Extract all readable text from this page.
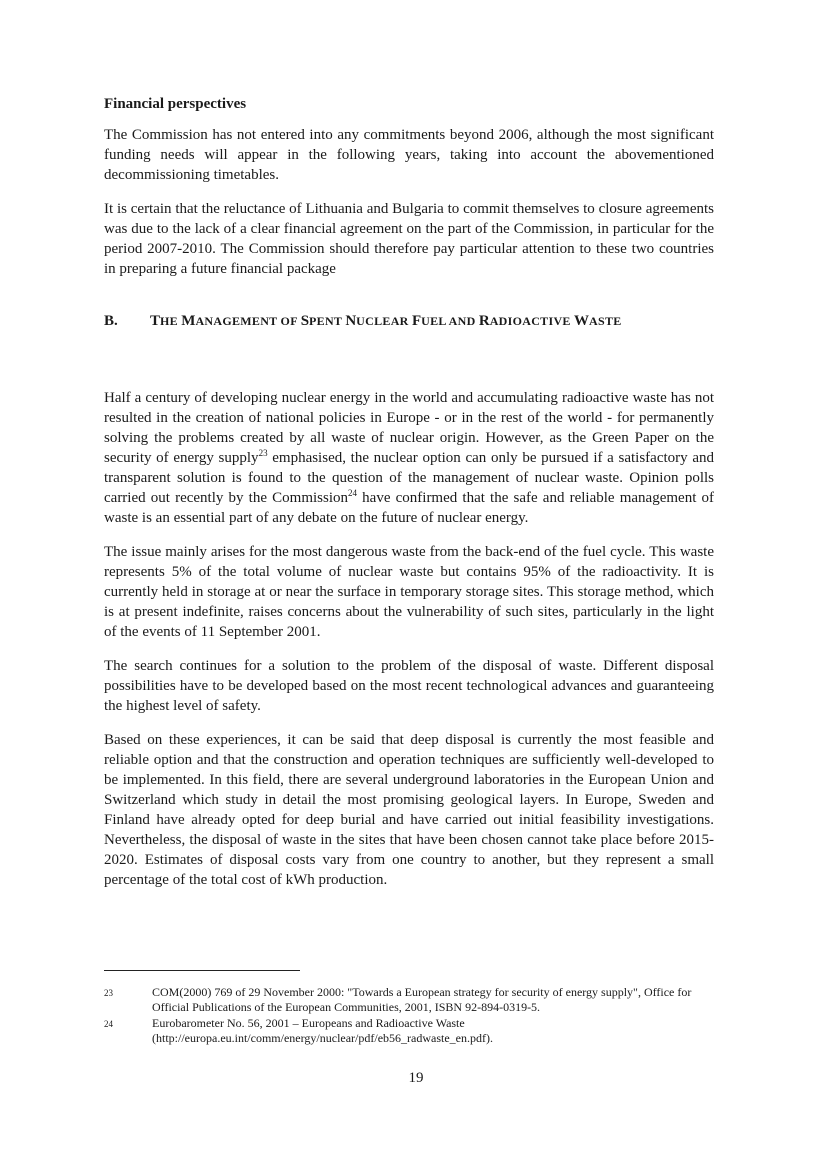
Financial perspectives

The Commission has not entered into any commitments beyond 2006, although the most significant funding needs will appear in the following years, taking into account the abovementioned decommissioning timetables.

It is certain that the reluctance of Lithuania and Bulgaria to commit themselves to closure agreements was due to the lack of a clear financial agreement on the part of the Commission, in particular for the period 2007-2010. The Commission should therefore pay particular attention to these two countries in preparing a future financial package

B.	THE MANAGEMENT OF SPENT NUCLEAR FUEL AND RADIOACTIVE WASTE

Half a century of developing nuclear energy in the world and accumulating radioactive waste has not resulted in the creation of national policies in Europe - or in the rest of the world - for permanently solving the problems created by all waste of nuclear origin. However, as the Green Paper on the security of energy supply$^{23}$ emphasised, the nuclear option can only be pursued if a satisfactory and transparent solution is found to the question of the management of nuclear waste. Opinion polls carried out recently by the Commission$^{24}$ have confirmed that the safe and reliable management of waste is an essential part of any debate on the future of nuclear energy.

The issue mainly arises for the most dangerous waste from the back-end of the fuel cycle. This waste represents 5% of the total volume of nuclear waste but contains 95% of the radioactivity. It is currently held in storage at or near the surface in temporary storage sites. This storage method, which is at present indefinite, raises concerns about the vulnerability of such sites, particularly in the light of the events of 11 September 2001.

The search continues for a solution to the problem of the disposal of waste. Different disposal possibilities have to be developed based on the most recent technological advances and guaranteeing the highest level of safety.

Based on these experiences, it can be said that deep disposal is currently the most feasible and reliable option and that the construction and operation techniques are sufficiently well-developed to be implemented. In this field, there are several underground laboratories in the European Union and Switzerland which study in detail the most promising geological layers. In Europe, Sweden and Finland have already opted for deep burial and have carried out initial feasibility investigations. Nevertheless, the disposal of waste in the sites that have been chosen cannot take place before 2015-2020. Estimates of disposal costs vary from one country to another, but they represent a small percentage of the total cost of kWh production.

23	COM(2000) 769 of 29 November 2000: "Towards a European strategy for security of energy supply", Office for Official Publications of the European Communities, 2001, ISBN 92-894-0319-5.
24	Eurobarometer No. 56, 2001 – Europeans and Radioactive Waste (http://europa.eu.int/comm/energy/nuclear/pdf/eb56_radwaste_en.pdf).
19
